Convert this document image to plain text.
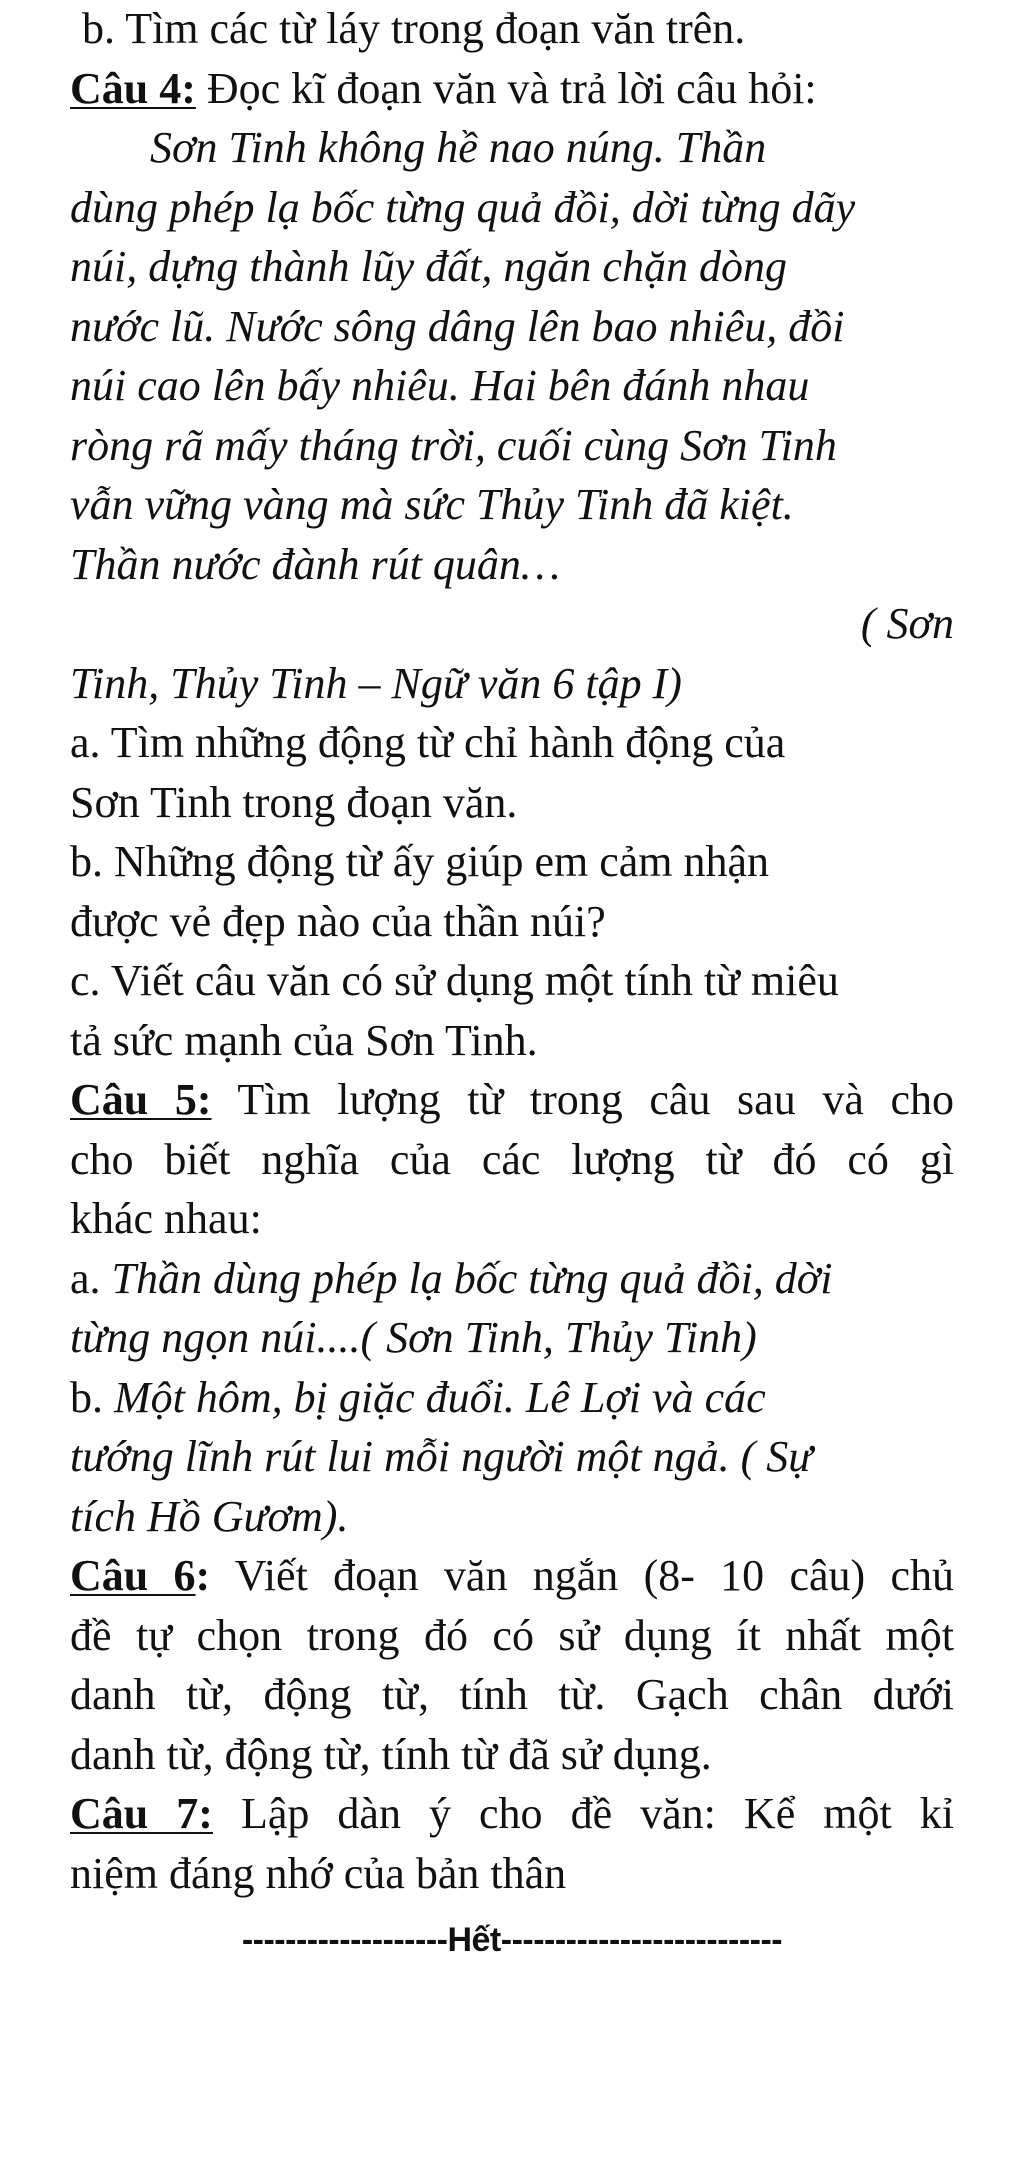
b. Tìm các từ láy trong đoạn văn trên.
Câu 4: Đọc kĩ đoạn văn và trả lời câu hỏi:
Sơn Tinh không hề nao núng. Thần
dùng phép lạ bốc từng quả đồi, dời từng dãy
núi, dựng thành lũy đất, ngăn chặn dòng
nước lũ. Nước sông dâng lên bao nhiêu, đồi
núi cao lên bấy nhiêu. Hai bên đánh nhau
ròng rã mấy tháng trời, cuối cùng Sơn Tinh
vẫn vững vàng mà sức Thủy Tinh đã kiệt.
Thần nước đành rút quân…
( Sơn
Tinh, Thủy Tinh – Ngữ văn 6 tập I)
a. Tìm những động từ chỉ hành động của
Sơn Tinh trong đoạn văn.
b. Những động từ ấy giúp em cảm nhận
được vẻ đẹp nào của thần núi?
c. Viết câu văn có sử dụng một tính từ miêu
tả sức mạnh của Sơn Tinh.
Câu 5: Tìm lượng từ trong câu sau và cho
cho biết nghĩa của các lượng từ đó có gì
khác nhau:
a. Thần dùng phép lạ bốc từng quả đồi, dời
từng ngọn núi....( Sơn Tinh, Thủy Tinh)
b. Một hôm, bị giặc đuổi. Lê Lợi và các
tướng lĩnh rút lui mỗi người một ngả. ( Sự
tích Hồ Gươm).
Câu 6: Viết đoạn văn ngắn (8- 10 câu) chủ
đề tự chọn trong đó có sử dụng ít nhất một
danh từ, động từ, tính từ. Gạch chân dưới
danh từ, động từ, tính từ đã sử dụng.
Câu 7: Lập dàn ý cho đề văn: Kể một kỉ
niệm đáng nhớ của bản thân
-------------------Hết--------------------------
